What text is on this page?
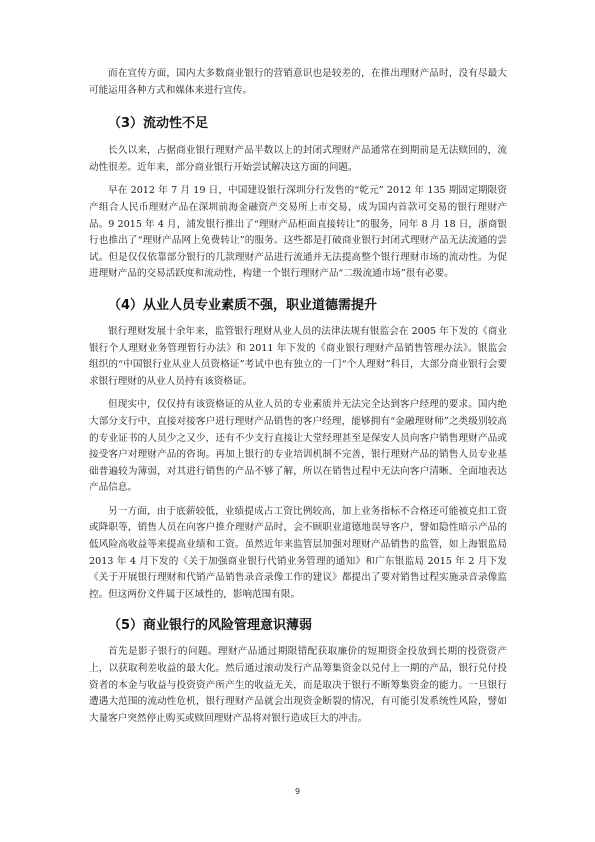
而在宣传方面，国内大多数商业银行的营销意识也是较差的，在推出理财产品时，没有尽最大可能运用各种方式和媒体来进行宣传。

（3）流动性不足

长久以来，占据商业银行理财产品半数以上的封闭式理财产品通常在到期前是无法赎回的，流动性很差。近年来，部分商业银行开始尝试解决这方面的问题。

早在 2012 年 7 月 19 日，中国建设银行深圳分行发售的“乾元” 2012 年 135 期固定期限资产组合人民币理财产品在深圳前海金融资产交易所上市交易，成为国内首款可交易的银行理财产品。9 2015 年 4 月，浦发银行推出了“理财产品柜面直接转让”的服务，同年 8 月 18 日，浙商银行也推出了“理财产品网上免费转让”的服务。这些都是打破商业银行封闭式理财产品无法流通的尝试。但是仅仅依靠部分银行的几款理财产品进行流通并无法提高整个银行理财市场的流动性。为促进理财产品的交易活跃度和流动性，构建一个银行理财产品“二级流通市场”很有必要。

（4）从业人员专业素质不强，职业道德需提升

银行理财发展十余年来，监管银行理财从业人员的法律法规有银监会在 2005 年下发的《商业银行个人理财业务管理暂行办法》和 2011 年下发的《商业银行理财产品销售管理办法》。银监会组织的“中国银行业从业人员资格证”考试中也有独立的一门“个人理财”科目，大部分商业银行会要求银行理财的从业人员持有该资格证。

但现实中，仅仅持有该资格证的从业人员的专业素质并无法完全达到客户经理的要求。国内绝大部分支行中，直接对接客户进行理财产品销售的客户经理，能够拥有“金融理财师”之类级别较高的专业证书的人员少之又少，还有不少支行直接让大堂经理甚至是保安人员向客户销售理财产品或接受客户对理财产品的咨询。再加上银行的专业培训机制不完善，银行理财产品的销售人员专业基础普遍较为薄弱，对其进行销售的产品不够了解，所以在销售过程中无法向客户清晰、全面地表达产品信息。

另一方面，由于底薪较低，业绩提成占工资比例较高，加上业务指标不合格还可能被克扣工资或降职等，销售人员在向客户推介理财产品时，会不顾职业道德地误导客户，譬如隐性暗示产品的低风险高收益等来提高业绩和工资。虽然近年来监管层加强对理财产品销售的监管，如上海银监局 2013 年 4 月下发的《关于加强商业银行代销业务管理的通知》和广东银监局 2015 年 2 月下发《关于开展银行理财和代销产品销售录音录像工作的建议》都提出了要对销售过程实施录音录像监控。但这两份文件属于区域性的，影响范围有限。

（5）商业银行的风险管理意识薄弱

首先是影子银行的问题。理财产品通过期限错配获取廉价的短期资金投放到长期的投资资产上，以获取利差收益的最大化。然后通过滚动发行产品筹集资金以兑付上一期的产品，银行兑付投资者的本金与收益与投资资产所产生的收益无关，而是取决于银行不断筹集资金的能力。一旦银行遭遇大范围的流动性危机，银行理财产品就会出现资金断裂的情况，有可能引发系统性风险，譬如大量客户突然停止购买或赎回理财产品将对银行造成巨大的冲击。

9
